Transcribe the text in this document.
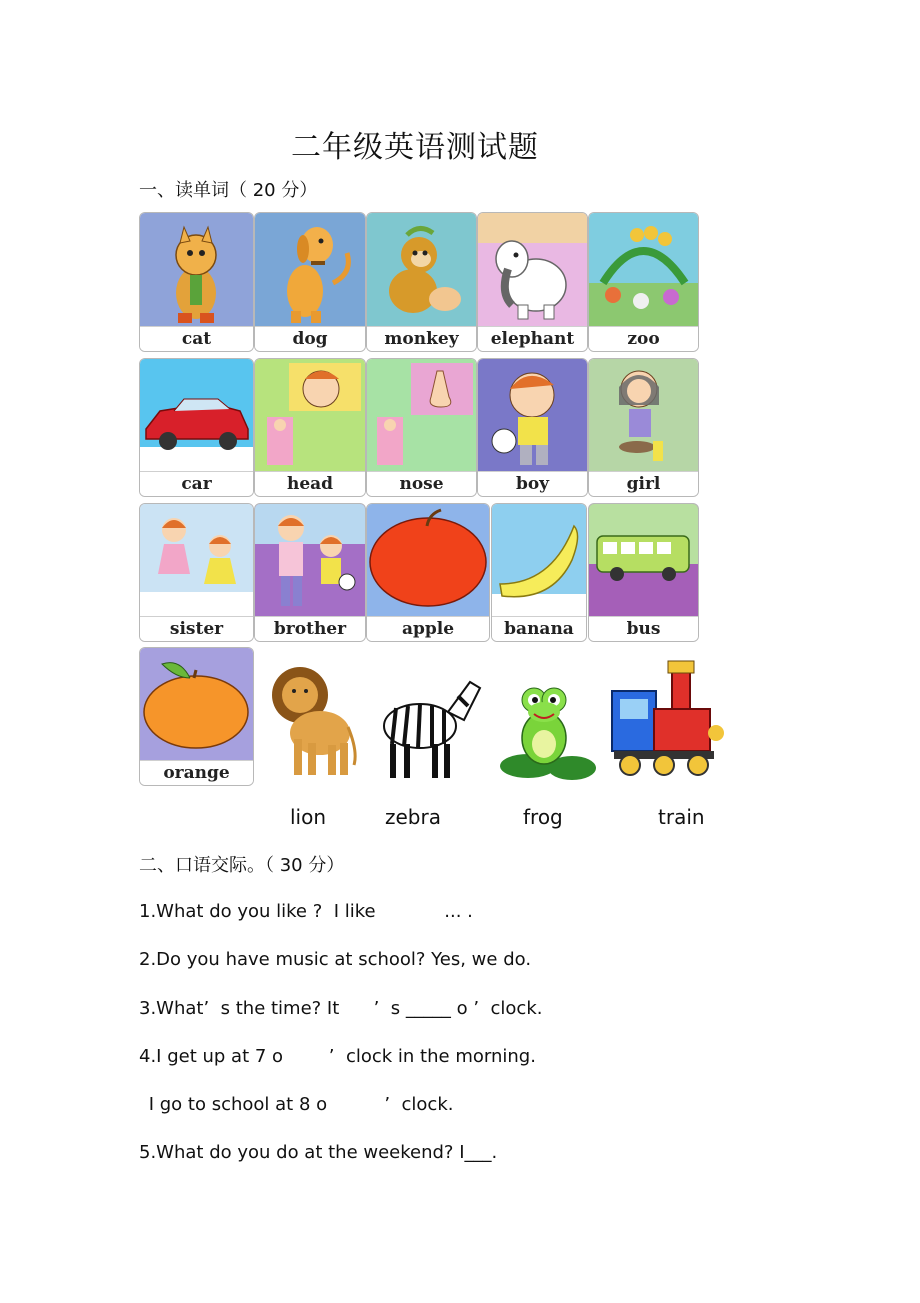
二年级英语测试题
一、读单词（ 20 分）
cat	dog	monkey	elephant	zoo
car	head	nose	boy	girl
sister	brother	apple	banana	bus
orange
lion	zebra	frog	train
二、口语交际。（ 30 分）
1.What do you like ?  I like            ... .
2.Do you have music at school? Yes, we do.
3.What’  s the time? It      ’  s _____ o ’  clock.
4.I get up at 7 o        ’  clock in the morning.
I go to school at 8 o          ’  clock.
5.What do you do at the weekend? I___.
